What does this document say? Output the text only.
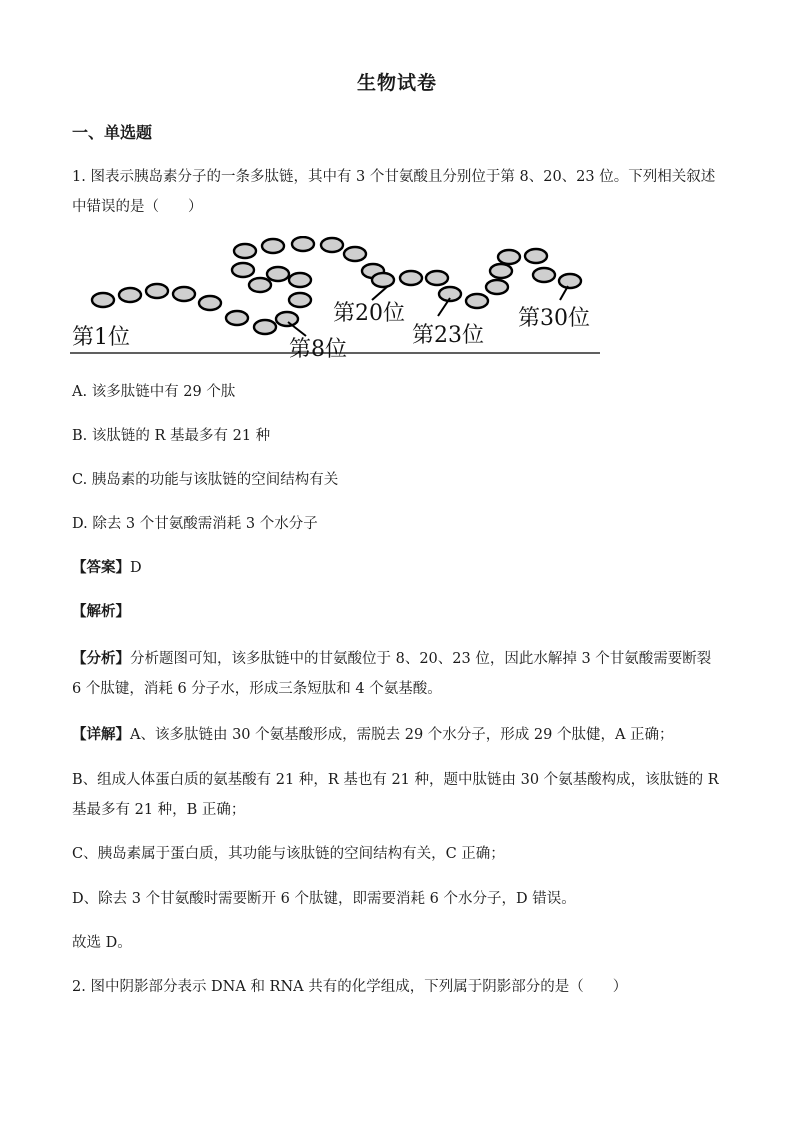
生物试卷
一、单选题
1. 图表示胰岛素分子的一条多肽链，其中有 3 个甘氨酸且分别位于第 8、20、23 位。下列相关叙述中错误的是（　　）
第1位	第8位
第20位
第23位
第30位
A. 该多肽链中有 29 个肽
B. 该肽链的 R 基最多有 21 种
C. 胰岛素的功能与该肽链的空间结构有关
D. 除去 3 个甘氨酸需消耗 3 个水分子
【答案】D
【解析】
【分析】分析题图可知，该多肽链中的甘氨酸位于 8、20、23 位，因此水解掉 3 个甘氨酸需要断裂 6 个肽键，消耗 6 分子水，形成三条短肽和 4 个氨基酸。
【详解】A、该多肽链由 30 个氨基酸形成，需脱去 29 个水分子，形成 29 个肽健，A 正确；
B、组成人体蛋白质的氨基酸有 21 种，R 基也有 21 种，题中肽链由 30 个氨基酸构成，该肽链的 R 基最多有 21 种，B 正确；
C、胰岛素属于蛋白质，其功能与该肽链的空间结构有关，C 正确；
D、除去 3 个甘氨酸时需要断开 6 个肽键，即需要消耗 6 个水分子，D 错误。
故选 D。
2. 图中阴影部分表示 DNA 和 RNA 共有的化学组成，下列属于阴影部分的是（　　）
